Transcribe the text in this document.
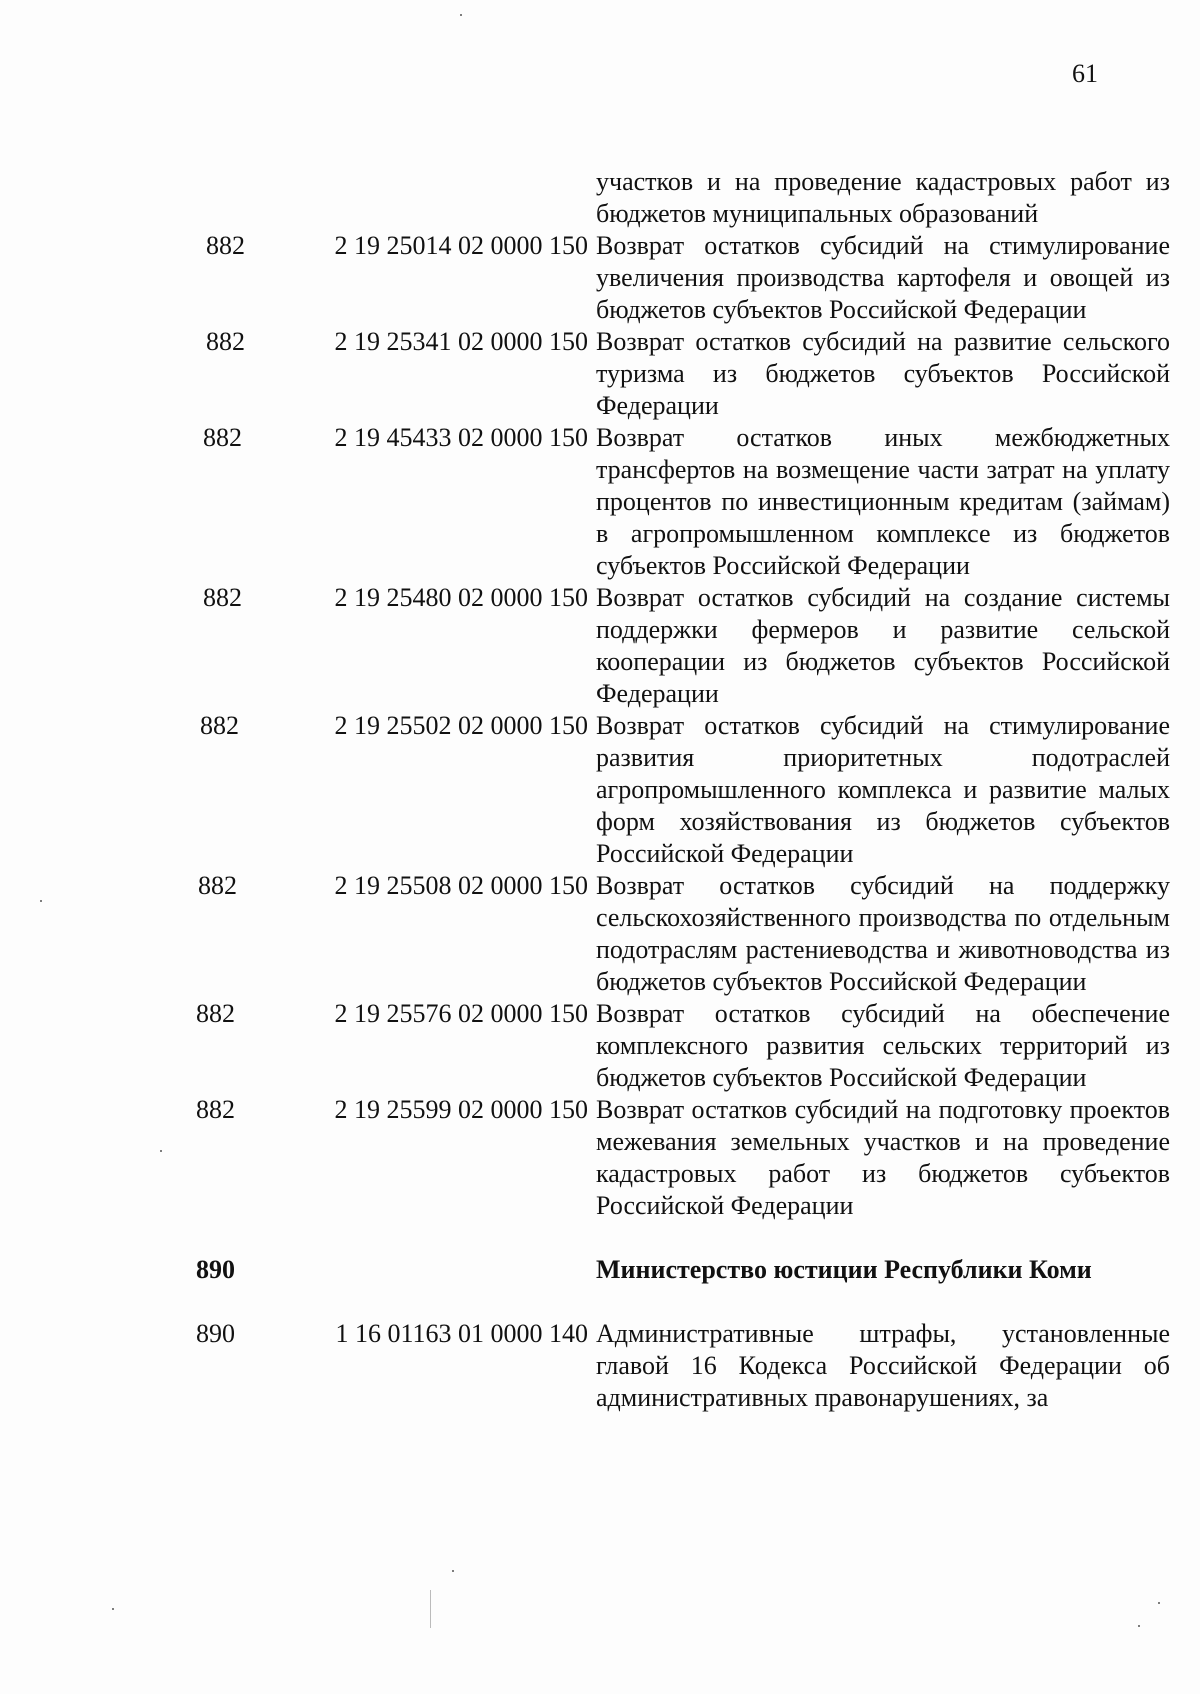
61
участков и на проведение кадастровых работ из бюджетов муниципальных образований
882	2 19 25014 02 0000 150 Возврат остатков субсидий на стимулирование увеличения производства картофеля и овощей из бюджетов субъектов Российской Федерации
882	2 19 25341 02 0000 150 Возврат остатков субсидий на развитие сельского туризма из бюджетов субъектов Российской Федерации
882	2 19 45433 02 0000 150 Возврат остатков иных межбюджетных трансфертов на возмещение части затрат на уплату процентов по инвестиционным кредитам (займам) в агропромышленном комплексе из бюджетов субъектов Российской Федерации
882	2 19 25480 02 0000 150 Возврат остатков субсидий на создание системы поддержки фермеров и развитие сельской кооперации из бюджетов субъектов Российской Федерации
882	2 19 25502 02 0000 150 Возврат остатков субсидий на стимулирование развития приоритетных подотраслей агропромышленного комплекса и развитие малых форм хозяйствования из бюджетов субъектов Российской Федерации
882	2 19 25508 02 0000 150 Возврат остатков субсидий на поддержку сельскохозяйственного производства по отдельным подотраслям растениеводства и животноводства из бюджетов субъектов Российской Федерации
882	2 19 25576 02 0000 150 Возврат остатков субсидий на обеспечение комплексного развития сельских территорий из бюджетов субъектов Российской Федерации
882	2 19 25599 02 0000 150 Возврат остатков субсидий на подготовку проектов межевания земельных участков и на проведение кадастровых работ из бюджетов субъектов Российской Федерации
890	Министерство юстиции Республики Коми
890	1 16 01163 01 0000 140 Административные штрафы, установленные главой 16 Кодекса Российской Федерации об административных правонарушениях, за
